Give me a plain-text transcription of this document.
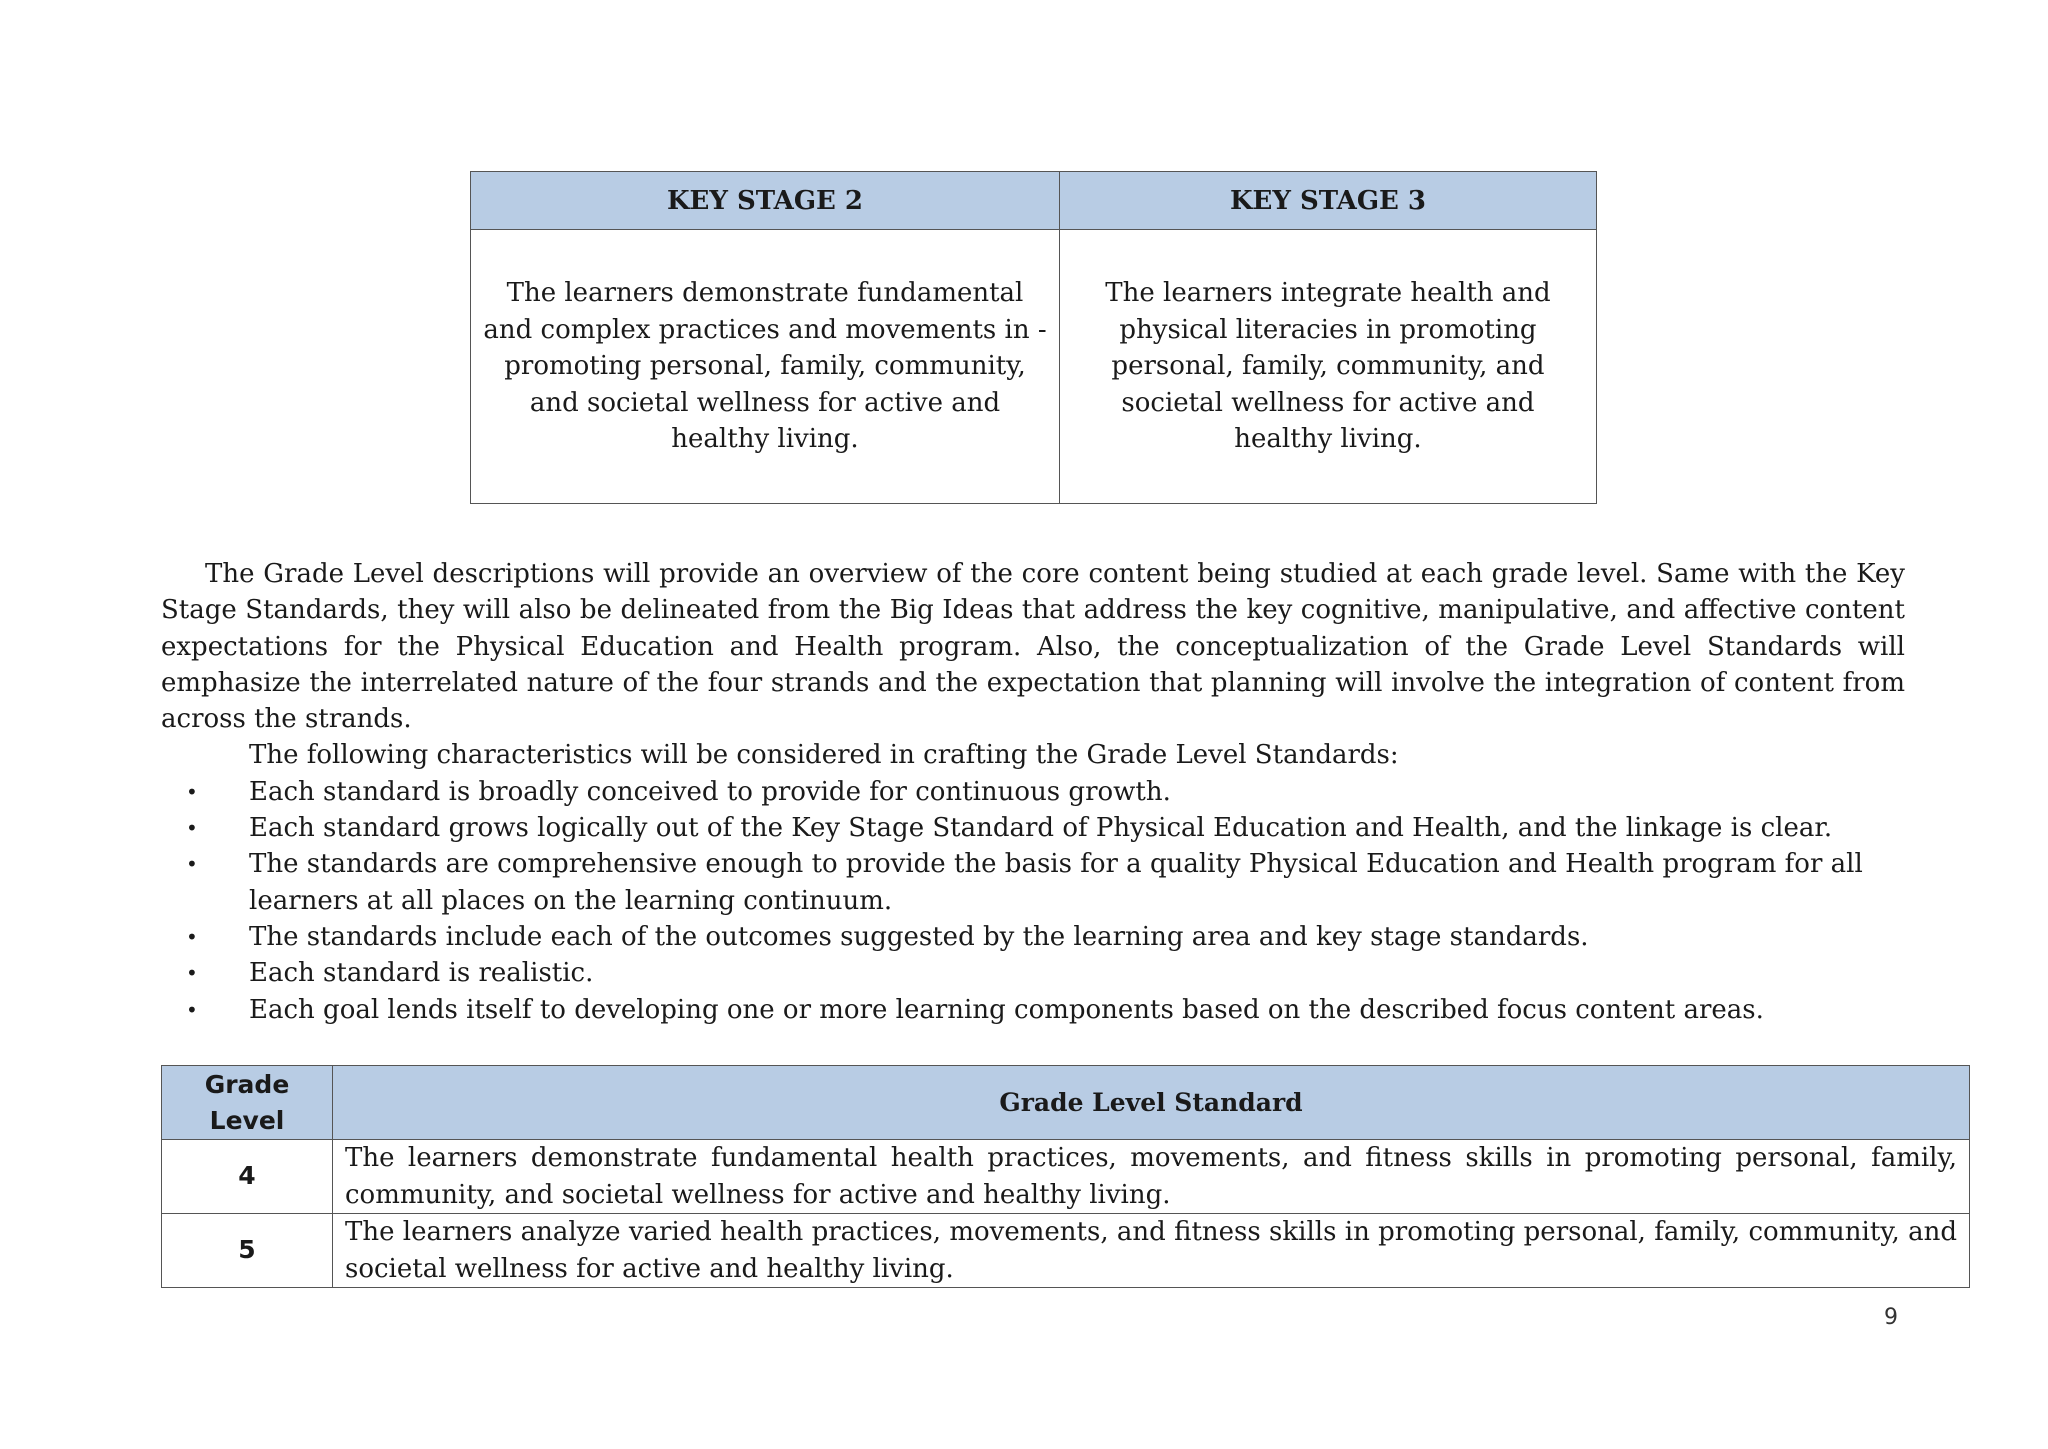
KEY STAGE 2	KEY STAGE 3
The learners demonstrate fundamental and complex practices and movements in -promoting personal, family, community, and societal wellness for active and healthy living.	The learners integrate health and physical literacies in promoting personal, family, community, and societal wellness for active and healthy living.

The Grade Level descriptions will provide an overview of the core content being studied at each grade level. Same with the Key Stage Standards, they will also be delineated from the Big Ideas that address the key cognitive, manipulative, and affective content expectations for the Physical Education and Health program. Also, the conceptualization of the Grade Level Standards will emphasize the interrelated nature of the four strands and the expectation that planning will involve the integration of content from across the strands.

The following characteristics will be considered in crafting the Grade Level Standards:

• Each standard is broadly conceived to provide for continuous growth.
• Each standard grows logically out of the Key Stage Standard of Physical Education and Health, and the linkage is clear.
• The standards are comprehensive enough to provide the basis for a quality Physical Education and Health program for all learners at all places on the learning continuum.
• The standards include each of the outcomes suggested by the learning area and key stage standards.
• Each standard is realistic.
• Each goal lends itself to developing one or more learning components based on the described focus content areas.
Grade
Level	Grade Level Standard
4	The learners demonstrate fundamental health practices, movements, and fitness skills in promoting personal, family, community, and societal wellness for active and healthy living.
5	The learners analyze varied health practices, movements, and fitness skills in promoting personal, family, community, and societal wellness for active and healthy living.
9
